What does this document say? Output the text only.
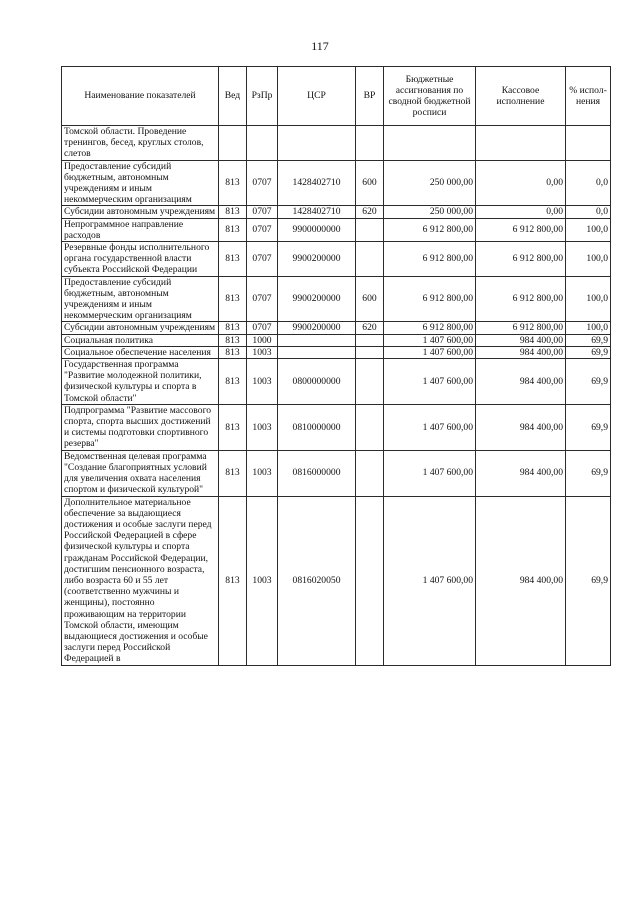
117
Наименование показателей	Вед	РзПр	ЦСР	ВР	Бюджетные ассигнования по сводной бюджетной росписи	Кассовое исполнение	% испол-нения
Томской области. Проведение тренингов, бесед, круглых столов, слетов							
Предоставление субсидий бюджетным, автономным учреждениям и иным некоммерческим организациям	813	0707	1428402710	600	250 000,00	0,00	0,0
Субсидии автономным учреждениям	813	0707	1428402710	620	250 000,00	0,00	0,0
Непрограммное направление расходов	813	0707	9900000000		6 912 800,00	6 912 800,00	100,0
Резервные фонды исполнительного органа государственной власти субъекта Российской Федерации	813	0707	9900200000		6 912 800,00	6 912 800,00	100,0
Предоставление субсидий бюджетным, автономным учреждениям и иным некоммерческим организациям	813	0707	9900200000	600	6 912 800,00	6 912 800,00	100,0
Субсидии автономным учреждениям	813	0707	9900200000	620	6 912 800,00	6 912 800,00	100,0
Социальная политика	813	1000			1 407 600,00	984 400,00	69,9
Социальное обеспечение населения	813	1003			1 407 600,00	984 400,00	69,9
Государственная программа "Развитие молодежной политики, физической культуры и спорта в Томской области"	813	1003	0800000000		1 407 600,00	984 400,00	69,9
Подпрограмма "Развитие массового спорта, спорта высших достижений и системы подготовки спортивного резерва"	813	1003	0810000000		1 407 600,00	984 400,00	69,9
Ведомственная целевая программа "Создание благоприятных условий для увеличения охвата населения спортом и физической культурой"	813	1003	0816000000		1 407 600,00	984 400,00	69,9
Дополнительное материальное обеспечение за выдающиеся достижения и особые заслуги перед Российской Федерацией в сфере физической культуры и спорта гражданам Российской Федерации, достигшим пенсионного возраста, либо возраста 60 и 55 лет (соответственно мужчины и женщины), постоянно проживающим на территории Томской области, имеющим выдающиеся достижения и особые заслуги перед Российской Федерацией в	813	1003	0816020050		1 407 600,00	984 400,00	69,9
